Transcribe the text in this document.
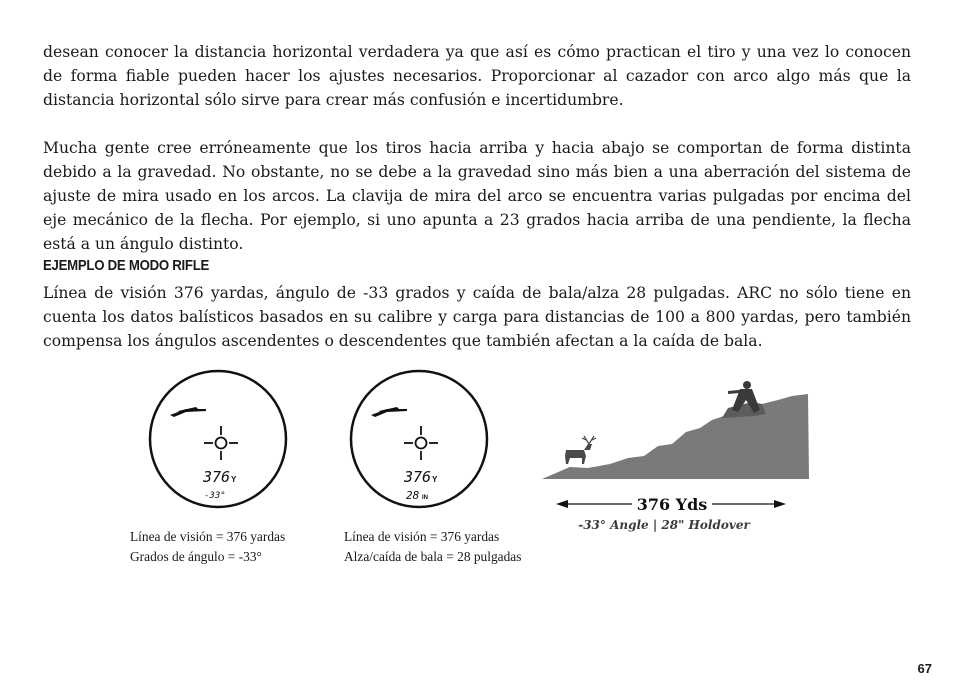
desean conocer la distancia horizontal verdadera ya que así es cómo practican el tiro y una vez lo conocen de forma fiable pueden hacer los ajustes necesarios. Proporcionar al cazador con arco algo más que la distancia horizontal sólo sirve para crear más confusión e incertidumbre.

Mucha gente cree erróneamente que los tiros hacia arriba y hacia abajo se comportan de forma distinta debido a la gravedad. No obstante, no se debe a la gravedad sino más bien a una aberración del sistema de ajuste de mira usado en los arcos. La clavija de mira del arco se encuentra varias pulgadas por encima del eje mecánico de la flecha. Por ejemplo, si uno apunta a 23 grados hacia arriba de una pendiente, la flecha está a un ángulo distinto.

EJEMPLO DE MODO RIFLE

Línea de visión 376 yardas, ángulo de -33 grados y caída de bala/alza 28 pulgadas. ARC no sólo tiene en cuenta los datos balísticos basados en su calibre y carga para distancias de 100 a 800 yardas, pero también compensa los ángulos ascendentes o descendentes que también afectan a la caída de bala.

376 Y
-33°
376 Y
28 IN
Línea de visión = 376 yardas
Grados de ángulo = -33°
Línea de visión = 376 yardas
Alza/caída de bala = 28 pulgadas
376 Yds
-33° Angle | 28" Holdover
67
